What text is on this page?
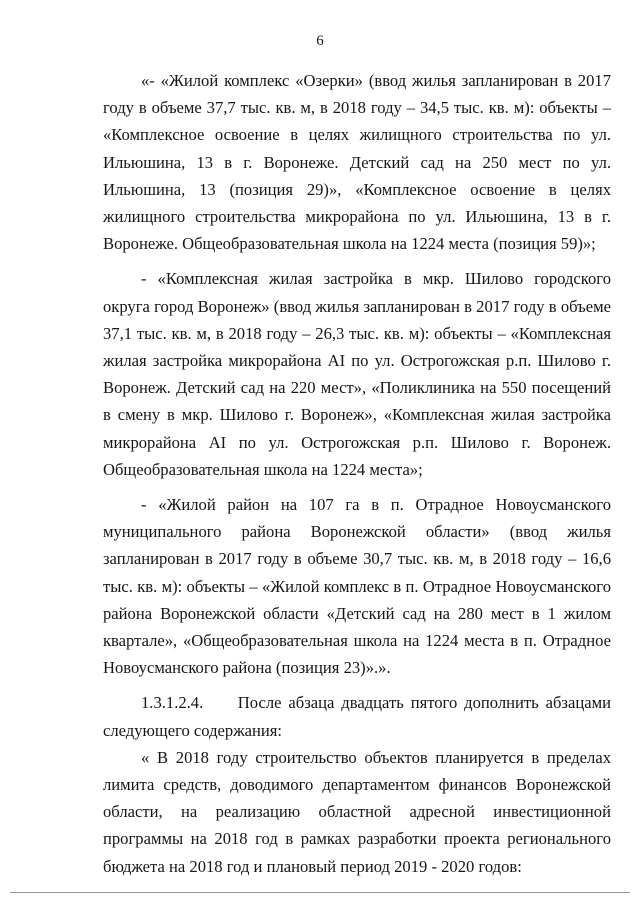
6

«- «Жилой комплекс «Озерки» (ввод жилья запланирован в 2017 году в объеме 37,7 тыс. кв. м, в 2018 году – 34,5 тыс. кв. м): объекты – «Комплексное освоение в целях жилищного строительства по ул. Ильюшина, 13 в г. Воронеже. Детский сад на 250 мест по ул. Ильюшина, 13 (позиция 29)», «Комплексное освоение в целях жилищного строительства микрорайона по ул. Ильюшина, 13 в г. Воронеже. Общеобразовательная школа на 1224 места (позиция 59)»;

- «Комплексная жилая застройка в мкр. Шилово городского округа город Воронеж» (ввод жилья запланирован в 2017 году в объеме 37,1 тыс. кв. м, в 2018 году – 26,3 тыс. кв. м): объекты – «Комплексная жилая застройка микрорайона АI по ул. Острогожская р.п. Шилово г. Воронеж. Детский сад на 220 мест», «Поликлиника на 550 посещений в смену в мкр. Шилово г. Воронеж», «Комплексная жилая застройка микрорайона АI по ул. Острогожская р.п. Шилово г. Воронеж. Общеобразовательная школа на 1224 места»;

- «Жилой район на 107 га в п. Отрадное Новоусманского муниципального района Воронежской области» (ввод жилья запланирован в 2017 году в объеме 30,7 тыс. кв. м, в 2018 году – 16,6 тыс. кв. м): объекты – «Жилой комплекс в п. Отрадное Новоусманского района Воронежской области «Детский сад на 280 мест в 1 жилом квартале», «Общеобразовательная школа на 1224 места в п. Отрадное Новоусманского района (позиция 23)».».

1.3.1.2.4. После абзаца двадцать пятого дополнить абзацами следующего содержания:

« В 2018 году строительство объектов планируется в пределах лимита средств, доводимого департаментом финансов Воронежской области, на реализацию областной адресной инвестиционной программы на 2018 год в рамках разработки проекта регионального бюджета на 2018 год и плановый период 2019 - 2020 годов:
